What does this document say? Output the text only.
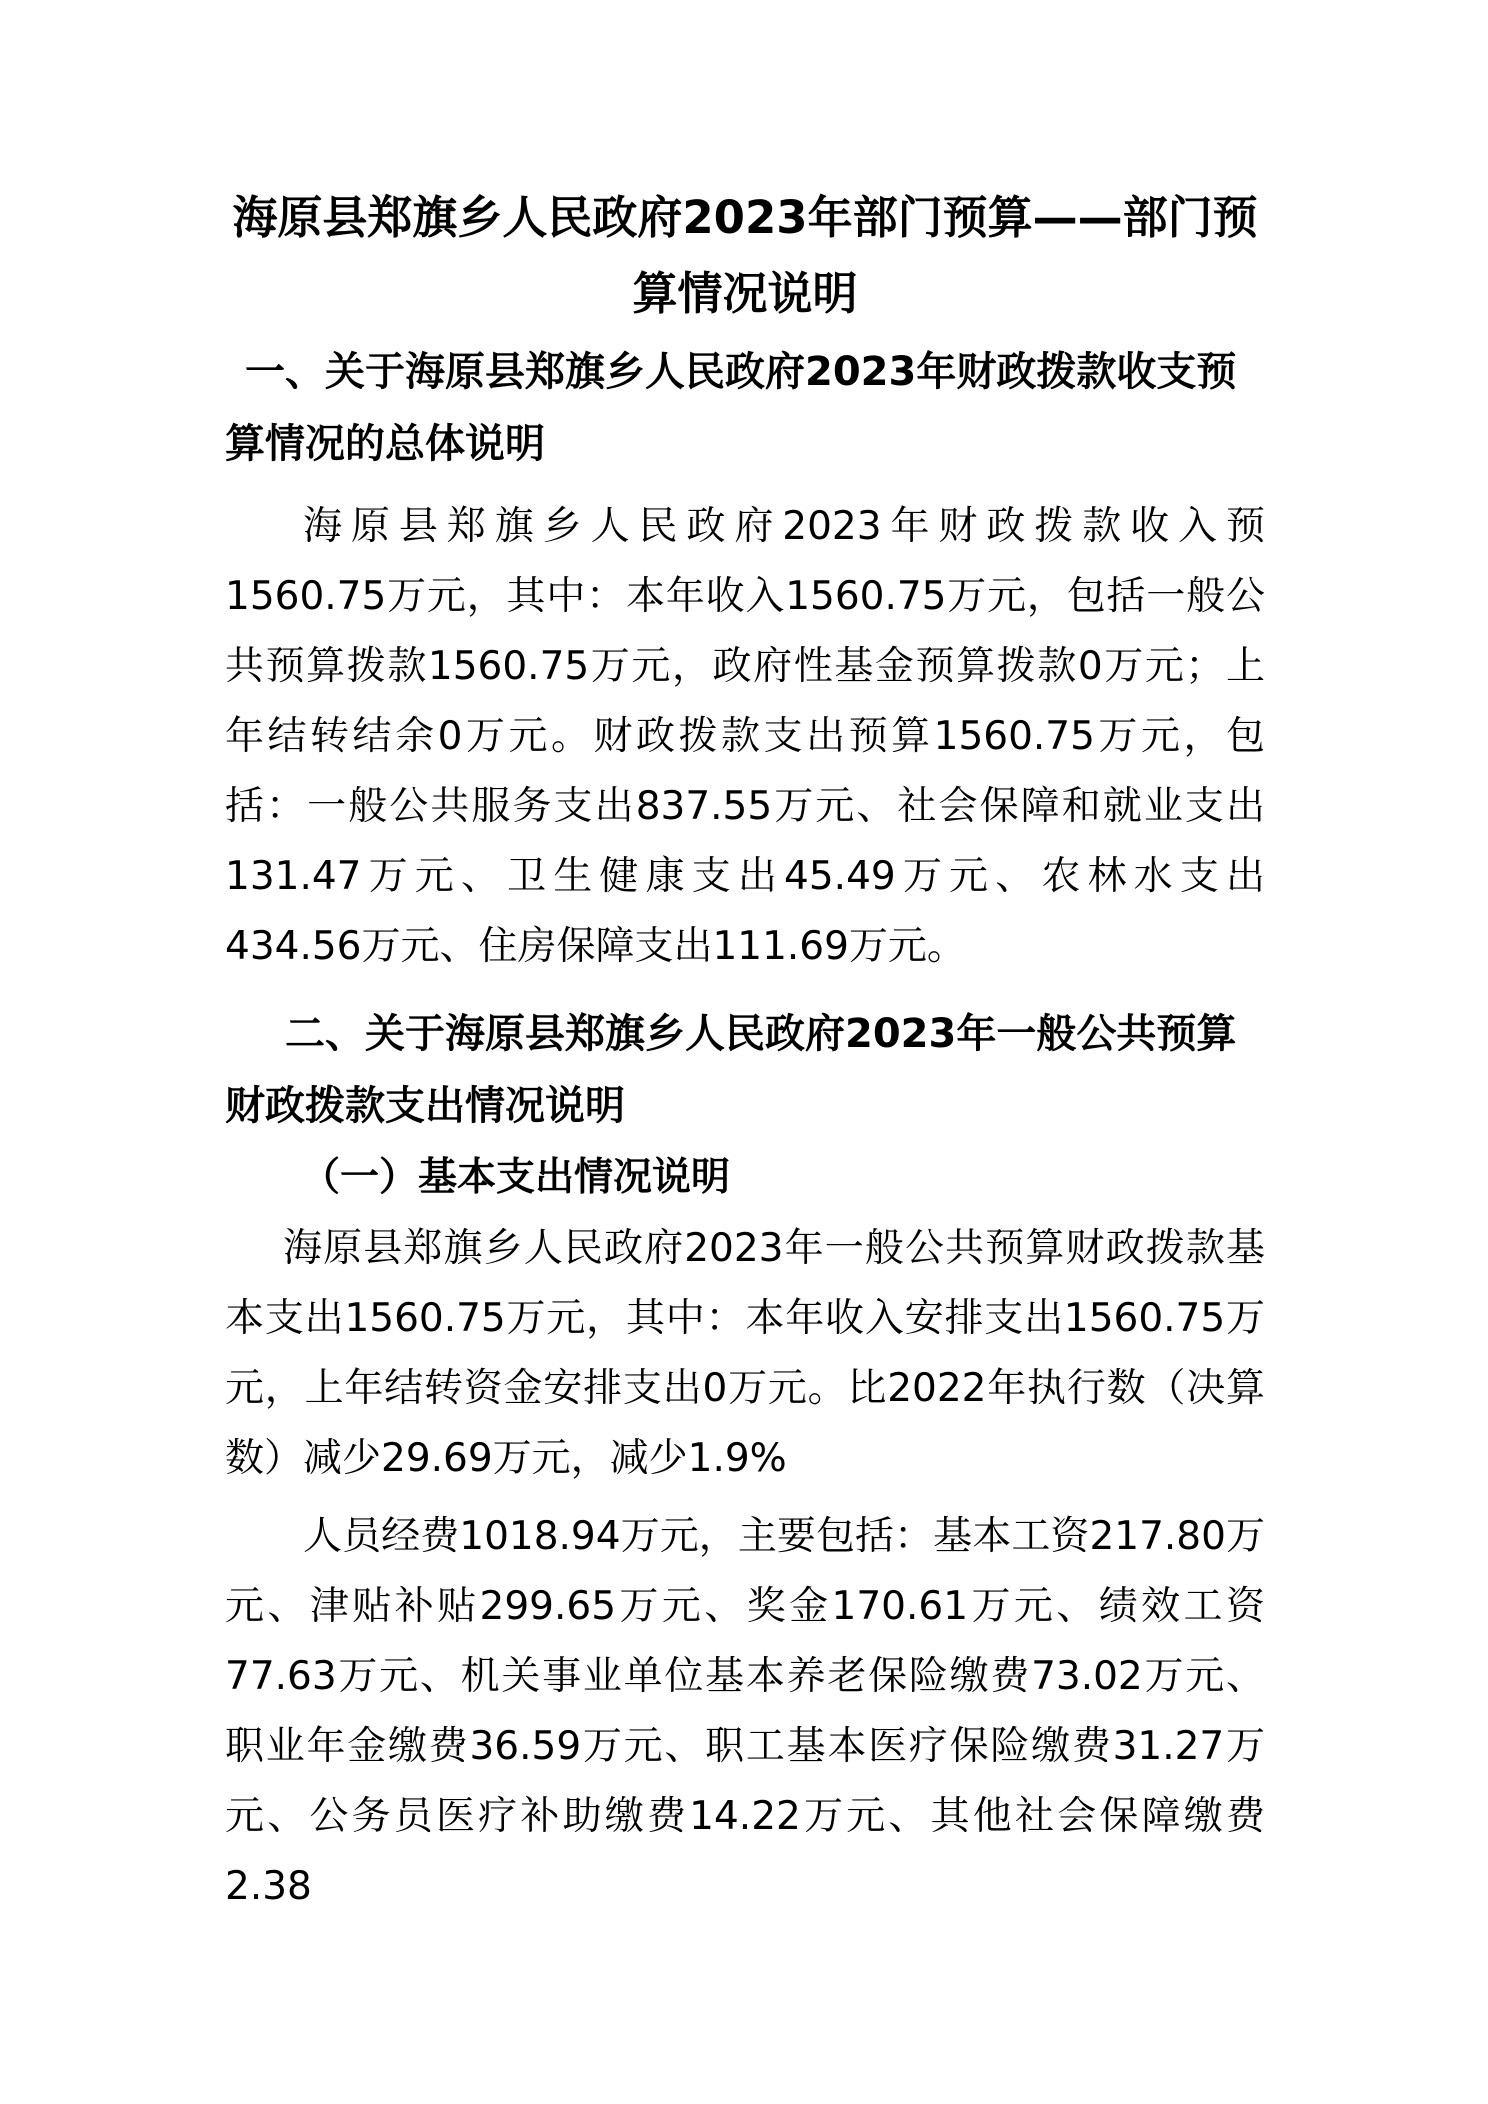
海原县郑旗乡人民政府2023年部门预算——部门预算情况说明
一、关于海原县郑旗乡人民政府2023年财政拨款收支预算情况的总体说明

海原县郑旗乡人民政府2023年财政拨款收入预1560.75万元，其中：本年收入1560.75万元，包括一般公共预算拨款1560.75万元，政府性基金预算拨款0万元；上年结转结余0万元。财政拨款支出预算1560.75万元，包括：一般公共服务支出837.55万元、社会保障和就业支出131.47万元、卫生健康支出45.49万元、农林水支出434.56万元、住房保障支出111.69万元。

二、关于海原县郑旗乡人民政府2023年一般公共预算财政拨款支出情况说明
（一）基本支出情况说明

海原县郑旗乡人民政府2023年一般公共预算财政拨款基本支出1560.75万元，其中：本年收入安排支出1560.75万元，上年结转资金安排支出0万元。比2022年执行数（决算数）减少29.69万元，减少1.9%

人员经费1018.94万元，主要包括：基本工资217.80万元、津贴补贴299.65万元、奖金170.61万元、绩效工资77.63万元、机关事业单位基本养老保险缴费73.02万元、职业年金缴费36.59万元、职工基本医疗保险缴费31.27万元、公务员医疗补助缴费14.22万元、其他社会保障缴费2.38
